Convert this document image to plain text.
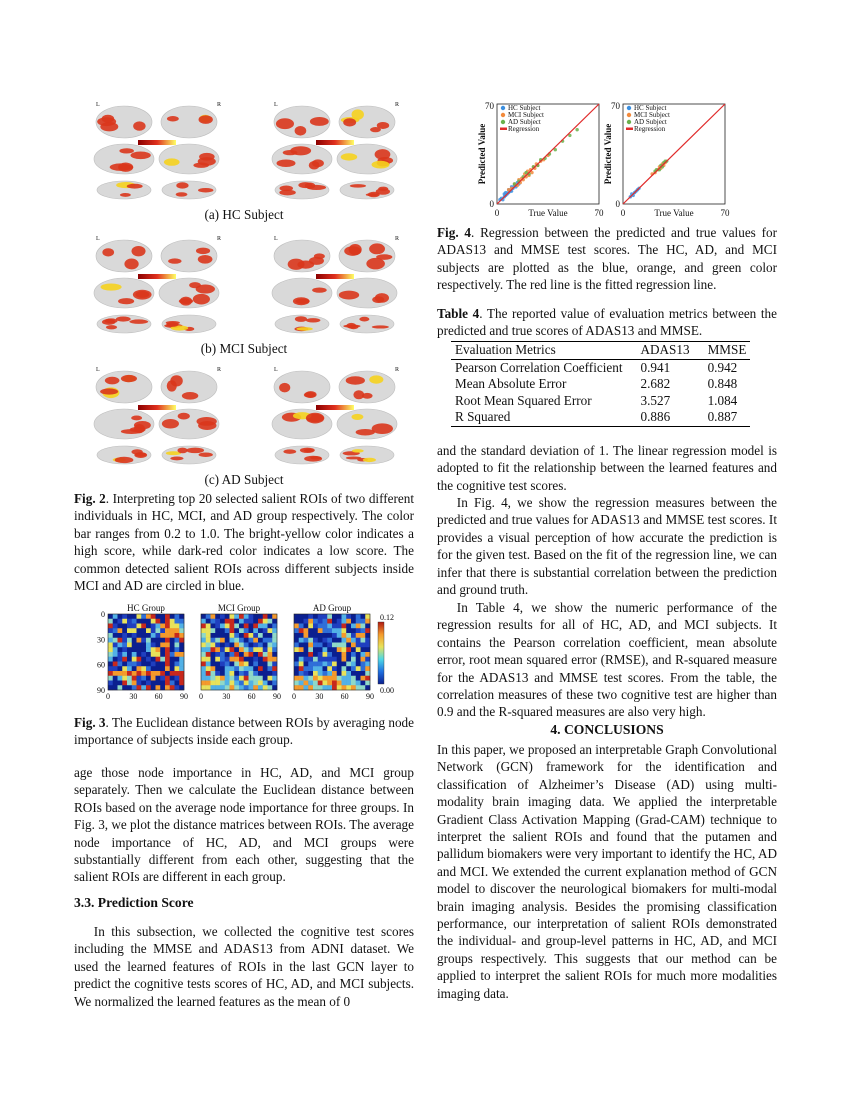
L	R	L	R
L	R	L	R
L	R	L	R
(a) HC Subject
(b) MCI Subject
(c) AD Subject

Fig. 2. Interpreting top 20 selected salient ROIs of two different individuals in HC, MCI, and AD group respectively. The color bar ranges from 0.2 to 1.0. The bright-yellow color indicates a high score, while dark-red color indicates a low score. The common detected salient ROIs across different subjects inside MCI and AD are circled in blue.

HC Group
0 30 60 90
MCI Group
0 30 60 90
AD Group
0 30 60 90
0
30
60
90
0.12
0.00

Fig. 3. The Euclidean distance between ROIs by averaging node importance of subjects inside each group.

age those node importance in HC, AD, and MCI group separately. Then we calculate the Euclidean distance between ROIs based on the average node importance for three groups. In Fig. 3, we plot the distance matrices between ROIs. The average node importance of HC, AD, and MCI groups were substantially different from each other, suggesting that the salient ROIs are different in each group.

3.3. Prediction Score

In this subsection, we collected the cognitive test scores including the MMSE and ADAS13 from ADNI dataset. We used the learned features of ROIs in the last GCN layer to predict the cognitive tests scores of HC, AD, and MCI subjects. We normalized the learned features as the mean of 0

70
0
0	70
True Value
Predicted Value
HC Subject
MCI Subject
AD Subject
Regression
70
0
0	70
True Value
Predicted Value
HC Subject
MCI Subject
AD Subject
Regression

Fig. 4. Regression between the predicted and true values for ADAS13 and MMSE test scores. The HC, AD, and MCI subjects are plotted as the blue, orange, and green color respectively. The red line is the fitted regression line.

Table 4. The reported value of evaluation metrics between the predicted and true scores of ADAS13 and MMSE.

Evaluation Metrics	ADAS13	MMSE
Pearson Correlation Coefficient	0.941	0.942
Mean Absolute Error	2.682	0.848
Root Mean Squared Error	3.527	1.084
R Squared	0.886	0.887

and the standard deviation of 1. The linear regression model is adopted to fit the relationship between the learned features and the cognitive test scores.

In Fig. 4, we show the regression measures between the predicted and true values for ADAS13 and MMSE test scores. It provides a visual perception of how accurate the prediction is for the given test. Based on the fit of the regression line, we can infer that there is substantial correlation between the prediction and ground truth.

In Table 4, we show the numeric performance of the regression results for all of HC, AD, and MCI subjects. It contains the Pearson correlation coefficient, mean absolute error, root mean squared error (RMSE), and R-squared measure for the ADAS13 and MMSE test scores. From the table, the correlation measures of these two cognitive test are higher than 0.9 and the R-squared measures are also very high.

4. CONCLUSIONS

In this paper, we proposed an interpretable Graph Convolutional Network (GCN) framework for the identification and classification of Alzheimer’s Disease (AD) using multi-modality brain imaging data. We applied the interpretable Gradient Class Activation Mapping (Grad-CAM) technique to interpret the salient ROIs and found that the putamen and pallidum biomakers were very important to identify the HC, AD and MCI. We extended the current explanation method of GCN model to discover the neurological biomakers for multi-modal brain imaging analysis. Besides the promising classification performance, our interpretation of salient ROIs demonstrated the individual- and group-level patterns in HC, AD, and MCI groups respectively. This suggests that our method can be applied to interpret the salient ROIs for much more modalities imaging data.
